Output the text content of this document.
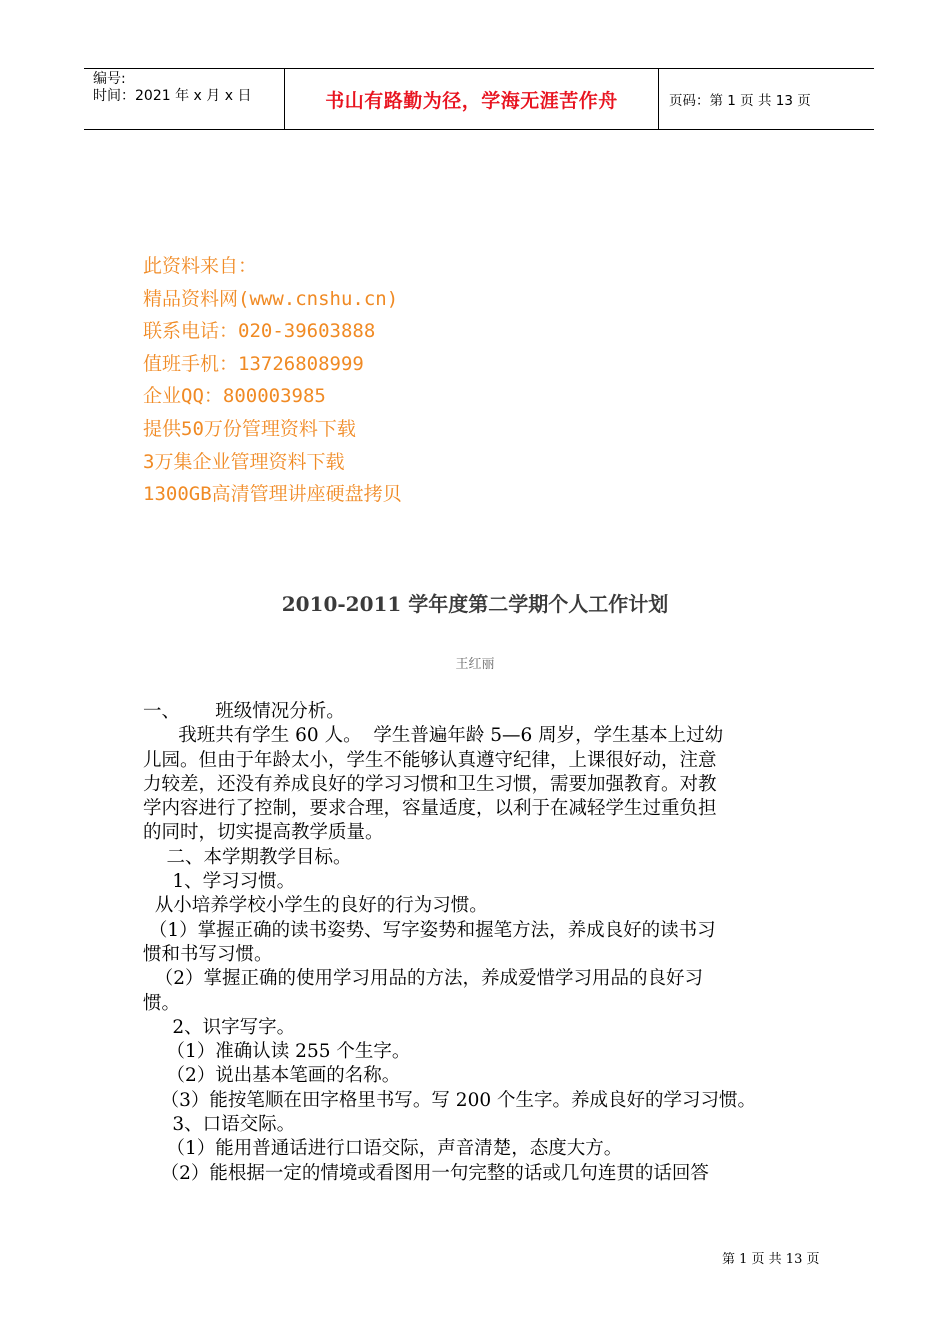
编号:
时间：2021 年 x 月 x 日	书山有路勤为径，学海无涯苦作舟	页码：第 1 页 共 13 页
此资料来自：
精品资料网(www.cnshu.cn)
联系电话：020-39603888
值班手机：13726808999
企业QQ：800003985
提供50万份管理资料下载
3万集企业管理资料下载
1300GB高清管理讲座硬盘拷贝
2010-2011 学年度第二学期个人工作计划
王红丽
一、      班级情况分析。
我班共有学生 60 人。  学生普遍年龄 5—6 周岁，学生基本上过幼
儿园。但由于年龄太小，学生不能够认真遵守纪律，上课很好动，注意
力较差，还没有养成良好的学习习惯和卫生习惯，需要加强教育。对教
学内容进行了控制，要求合理，容量适度，以利于在减轻学生过重负担
的同时，切实提高教学质量。
二、本学期教学目标。
1、学习习惯。
从小培养学校小学生的良好的行为习惯。
（1）掌握正确的读书姿势、写字姿势和握笔方法，养成良好的读书习
惯和书写习惯。
（2）掌握正确的使用学习用品的方法，养成爱惜学习用品的良好习
惯。
2、识字写字。
（1）准确认读 255 个生字。
（2）说出基本笔画的名称。
（3）能按笔顺在田字格里书写。写 200 个生字。养成良好的学习习惯。
3、口语交际。
（1）能用普通话进行口语交际，声音清楚，态度大方。
（2）能根据一定的情境或看图用一句完整的话或几句连贯的话回答
第 1 页 共 13 页
